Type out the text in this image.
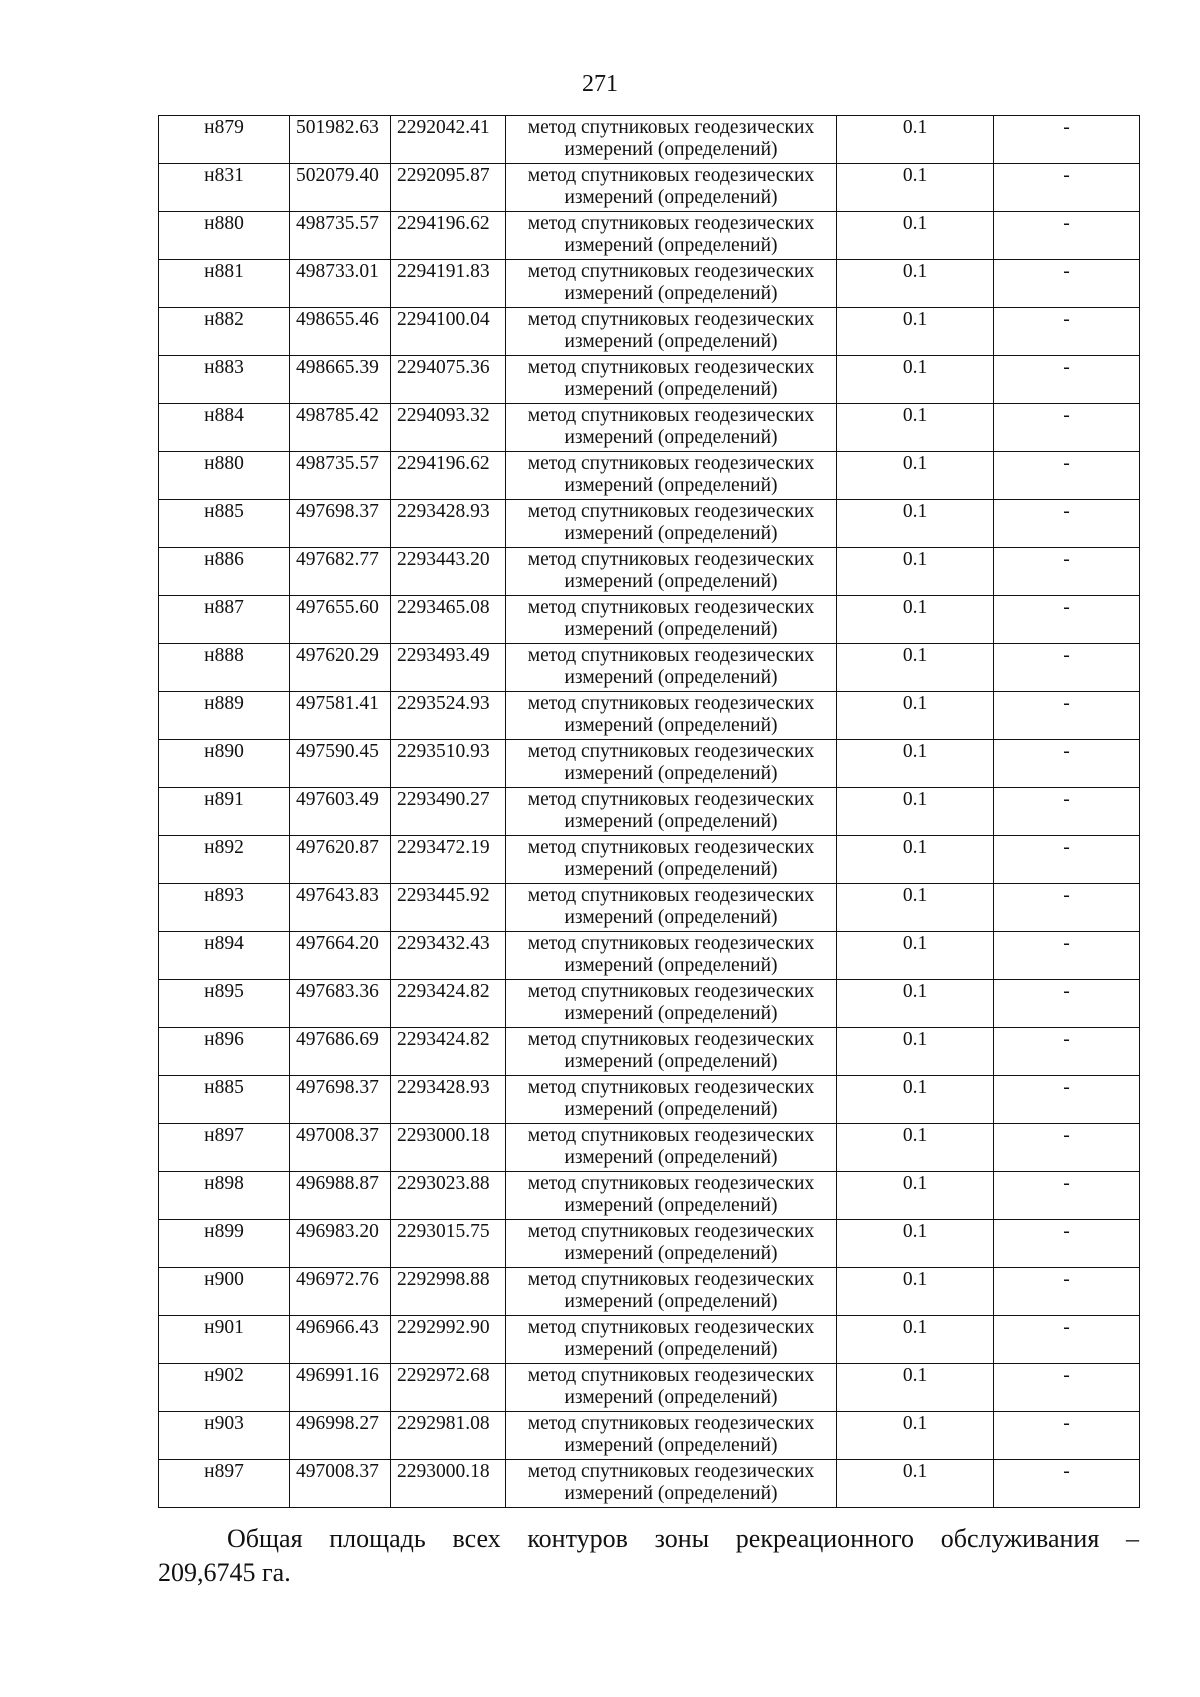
271
н879	501982.63	2292042.41	метод спутниковых геодезических
измерений (определений)	0.1	-
н831	502079.40	2292095.87	метод спутниковых геодезических
измерений (определений)	0.1	-
н880	498735.57	2294196.62	метод спутниковых геодезических
измерений (определений)	0.1	-
н881	498733.01	2294191.83	метод спутниковых геодезических
измерений (определений)	0.1	-
н882	498655.46	2294100.04	метод спутниковых геодезических
измерений (определений)	0.1	-
н883	498665.39	2294075.36	метод спутниковых геодезических
измерений (определений)	0.1	-
н884	498785.42	2294093.32	метод спутниковых геодезических
измерений (определений)	0.1	-
н880	498735.57	2294196.62	метод спутниковых геодезических
измерений (определений)	0.1	-
н885	497698.37	2293428.93	метод спутниковых геодезических
измерений (определений)	0.1	-
н886	497682.77	2293443.20	метод спутниковых геодезических
измерений (определений)	0.1	-
н887	497655.60	2293465.08	метод спутниковых геодезических
измерений (определений)	0.1	-
н888	497620.29	2293493.49	метод спутниковых геодезических
измерений (определений)	0.1	-
н889	497581.41	2293524.93	метод спутниковых геодезических
измерений (определений)	0.1	-
н890	497590.45	2293510.93	метод спутниковых геодезических
измерений (определений)	0.1	-
н891	497603.49	2293490.27	метод спутниковых геодезических
измерений (определений)	0.1	-
н892	497620.87	2293472.19	метод спутниковых геодезических
измерений (определений)	0.1	-
н893	497643.83	2293445.92	метод спутниковых геодезических
измерений (определений)	0.1	-
н894	497664.20	2293432.43	метод спутниковых геодезических
измерений (определений)	0.1	-
н895	497683.36	2293424.82	метод спутниковых геодезических
измерений (определений)	0.1	-
н896	497686.69	2293424.82	метод спутниковых геодезических
измерений (определений)	0.1	-
н885	497698.37	2293428.93	метод спутниковых геодезических
измерений (определений)	0.1	-
н897	497008.37	2293000.18	метод спутниковых геодезических
измерений (определений)	0.1	-
н898	496988.87	2293023.88	метод спутниковых геодезических
измерений (определений)	0.1	-
н899	496983.20	2293015.75	метод спутниковых геодезических
измерений (определений)	0.1	-
н900	496972.76	2292998.88	метод спутниковых геодезических
измерений (определений)	0.1	-
н901	496966.43	2292992.90	метод спутниковых геодезических
измерений (определений)	0.1	-
н902	496991.16	2292972.68	метод спутниковых геодезических
измерений (определений)	0.1	-
н903	496998.27	2292981.08	метод спутниковых геодезических
измерений (определений)	0.1	-
н897	497008.37	2293000.18	метод спутниковых геодезических
измерений (определений)	0.1	-
Общая площадь всех контуров зоны рекреационного обслуживания –
209,6745 га.
